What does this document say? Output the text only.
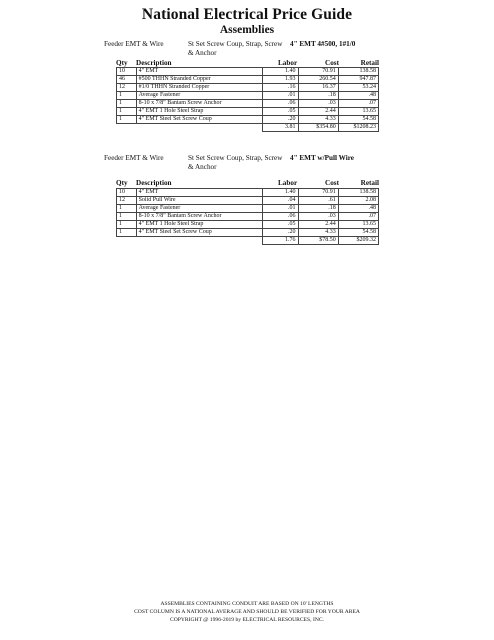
National Electrical Price Guide
Assemblies
Feeder EMT & Wire	St Set Screw Coup, Strap, Screw & Anchor
4" EMT 4#500, 1#1/0
Qty Description	Labor	Cost	Retail
10	4" EMT	1.40	70.91	138.58
46	#500 THHN Stranded Copper	1.93	260.54	947.87
12	#1/0 THHN Stranded Copper	.16	16.37	53.24
1	Average Fastener	.01	.18	.48
1	8-10 x 7/8" Bantam Screw Anchor	.06	.03	.07
1	4" EMT 1 Hole Steel Strap	.05	2.44	13.65
1	4" EMT Steel Set Screw Coup	.20	4.33	54.58
		3.81	$354.80	$1208.23
Feeder EMT & Wire	St Set Screw Coup, Strap, Screw & Anchor
4" EMT w/Pull Wire
Qty Description	Labor	Cost	Retail
10	4" EMT	1.40	70.91	138.58
12	Solid Pull Wire	.04	.61	2.08
1	Average Fastener	.01	.18	.48
1	8-10 x 7/8" Bantam Screw Anchor	.06	.03	.07
1	4" EMT 1 Hole Steel Strap	.05	2.44	13.65
1	4" EMT Steel Set Screw Coup	.20	4.33	54.58
		1.76	$78.50	$209.32
ASSEMBLIES CONTAINING CONDUIT ARE BASED ON 10' LENGTHS
COST COLUMN IS A NATIONAL AVERAGE AND SHOULD BE VERIFIED FOR YOUR AREA
COPYRIGHT @ 1996-2019 by ELECTRICAL RESOURCES, INC.
